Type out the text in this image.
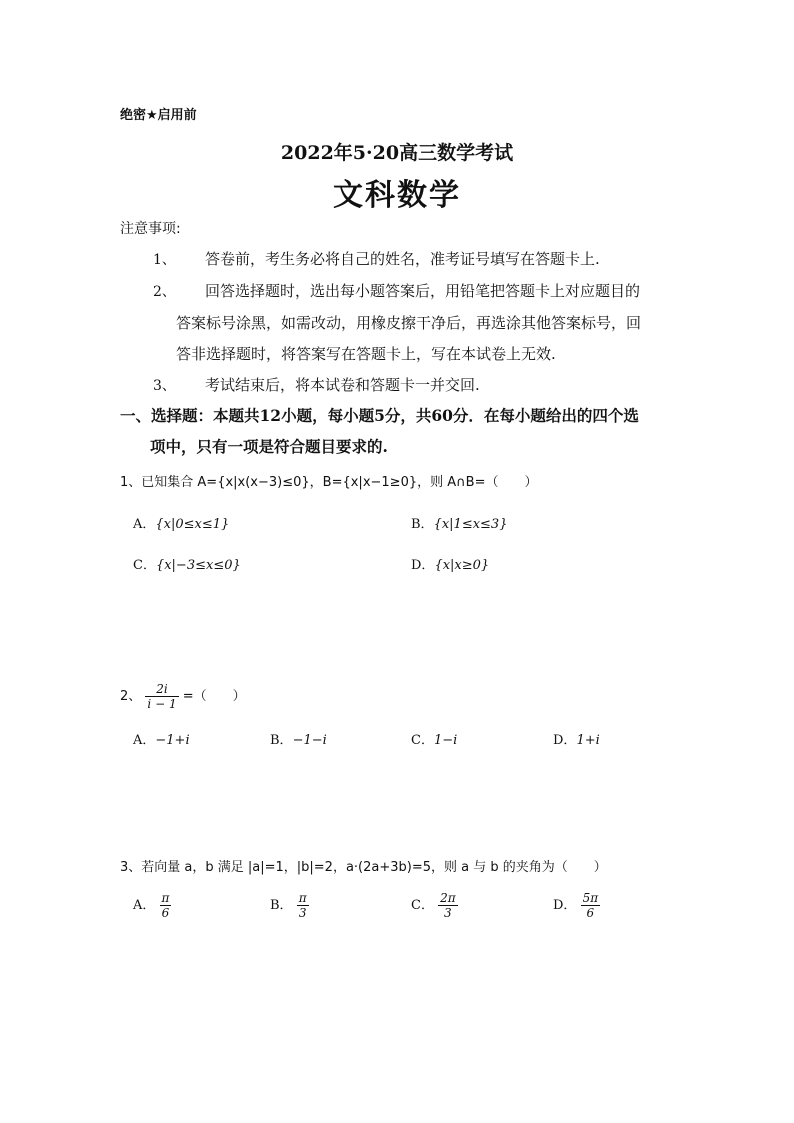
绝密★启用前
2022年5·20高三数学考试
文科数学
注意事项:
1、 答卷前，考生务必将自己的姓名，准考证号填写在答题卡上.
2、 回答选择题时，选出每小题答案后，用铅笔把答题卡上对应题目的
答案标号涂黑，如需改动，用橡皮擦干净后，再选涂其他答案标号，回
答非选择题时，将答案写在答题卡上，写在本试卷上无效.
3、 考试结束后，将本试卷和答题卡一并交回.
一、选择题：本题共12小题，每小题5分，共60分．在每小题给出的四个选
项中，只有一项是符合题目要求的.
1、已知集合 A={x|x(x−3)≤0}，B={x|x−1≥0}，则 A∩B=（　　）
A．{x|0≤x≤1}	B．{x|1≤x≤3}
C．{x|−3≤x≤0}	D．{x|x≥0}
2、 $\frac{2i}{i - 1}$ =（　　）
A．−1+i	B．−1−i	C．1−i	D．1+i
3、若向量 a，b 满足 |a|=1，|b|=2，a·(2a+3b)=5，则 a 与 b 的夹角为（　　）
A． $\frac{\pi}{6}$	B． $\frac{\pi}{3}$	C． $\frac{2\pi}{3}$	D． $\frac{5\pi}{6}$
